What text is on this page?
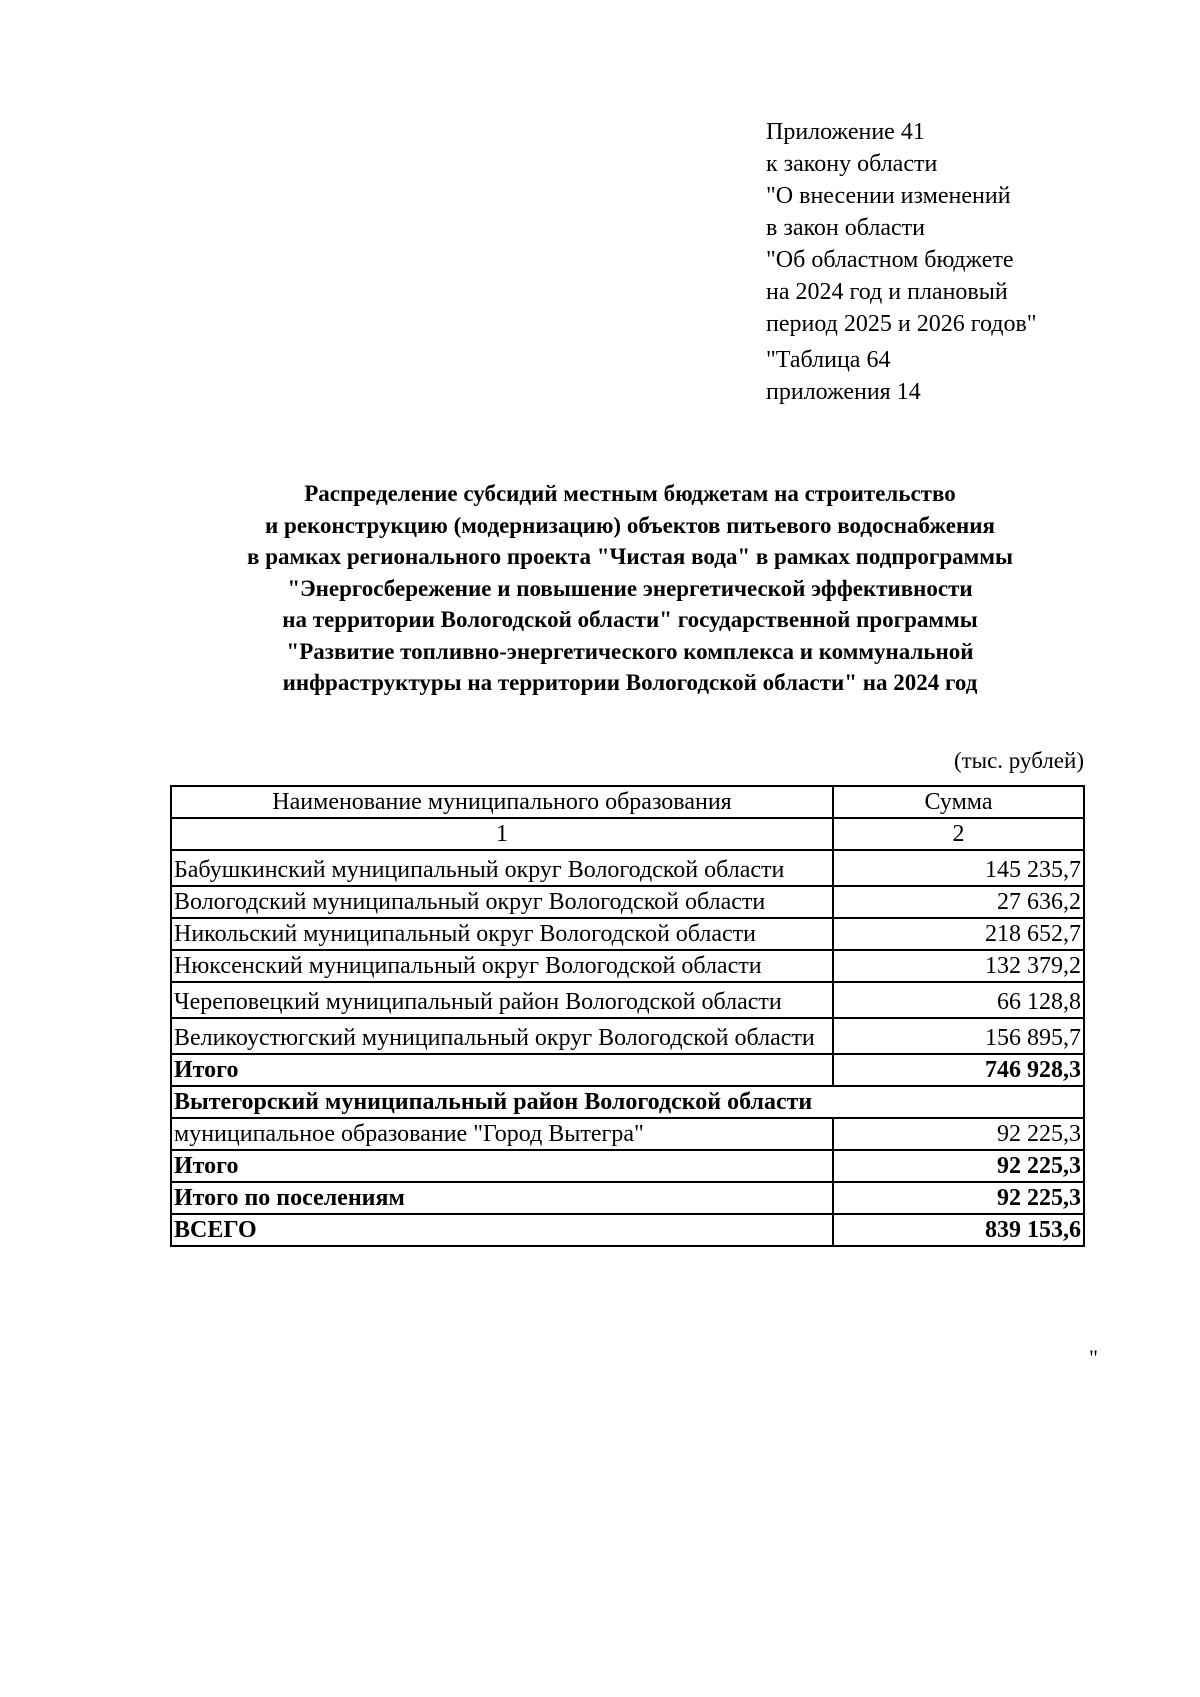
Приложение 41
к закону области
"О внесении изменений
в закон области
"Об областном бюджете
на 2024 год и плановый
период 2025 и 2026 годов"
"Таблица 64
приложения 14
Распределение субсидий местным бюджетам на строительство
и реконструкцию (модернизацию) объектов питьевого водоснабжения
в рамках регионального проекта "Чистая вода" в рамках подпрограммы
"Энергосбережение и повышение энергетической эффективности
на территории Вологодской области" государственной программы
"Развитие топливно-энергетического комплекса и коммунальной
инфраструктуры на территории Вологодской области" на 2024 год
(тыс. рублей)
Наименование муниципального образования	Сумма
1	2
Бабушкинский муниципальный округ Вологодской области	145 235,7
Вологодский муниципальный округ Вологодской области	27 636,2
Никольский муниципальный округ Вологодской области	218 652,7
Нюксенский муниципальный округ Вологодской области	132 379,2
Череповецкий муниципальный район Вологодской области	66 128,8
Великоустюгский муниципальный округ Вологодской области	156 895,7
Итого	746 928,3
Вытегорский муниципальный район Вологодской области	
муниципальное образование "Город Вытегра"	92 225,3
Итого	92 225,3
Итого по поселениям	92 225,3
ВСЕГО	839 153,6
"
